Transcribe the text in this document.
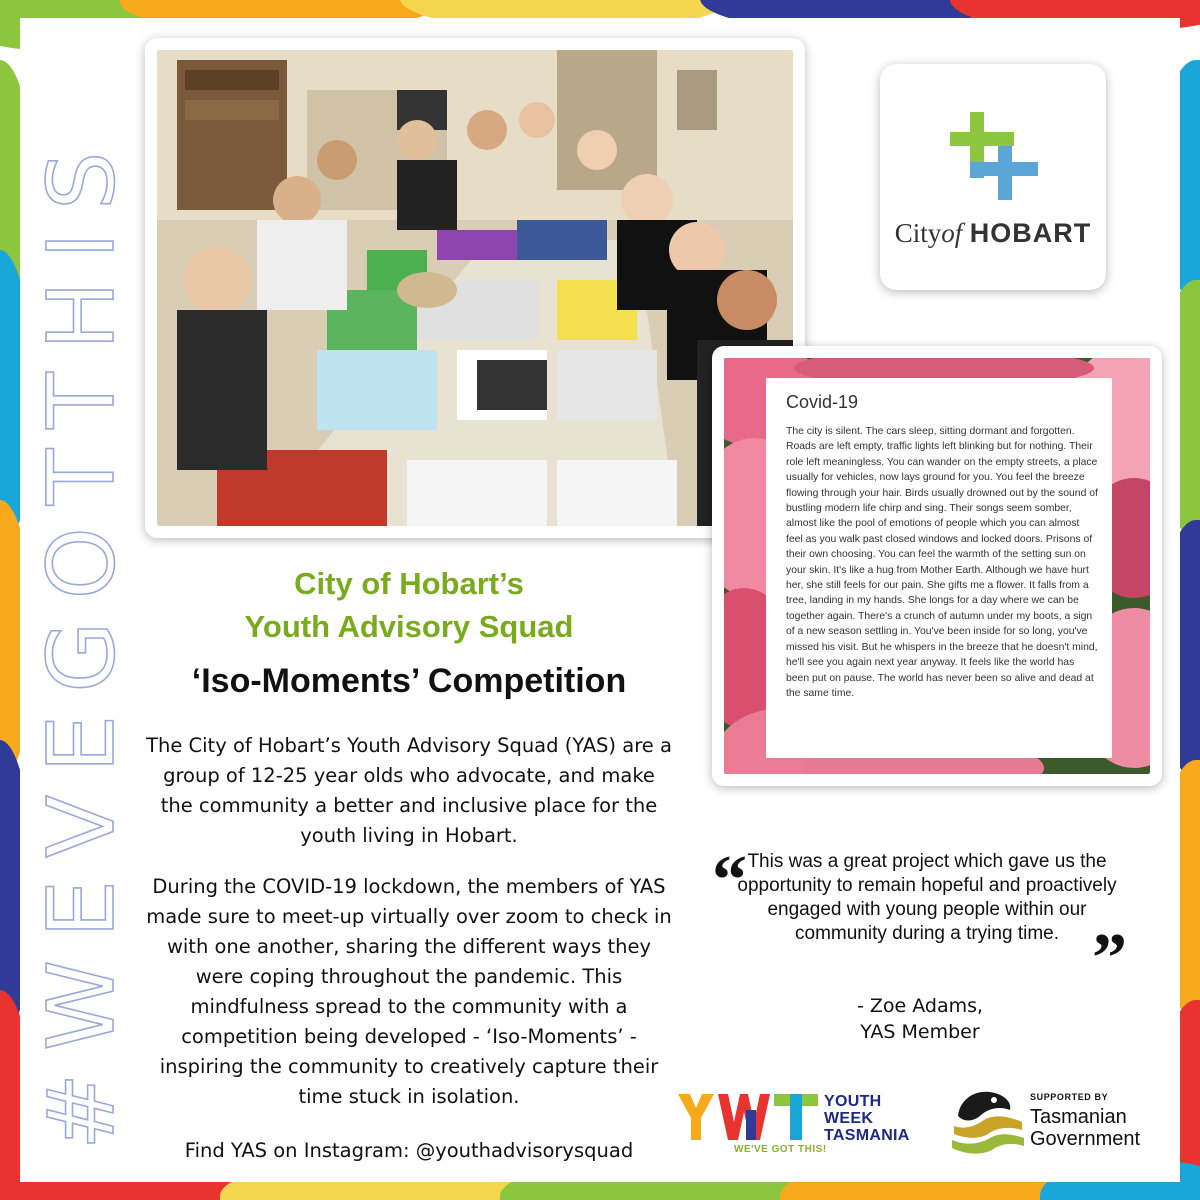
#WEVEGOTTHIS	Cityof HOBART
Covid-19
The city is silent. The cars sleep, sitting dormant and forgotten. Roads are left empty, traffic lights left blinking but for nothing. Their role left meaningless. You can wander on the empty streets, a place usually for vehicles, now lays ground for you. You feel the breeze flowing through your hair. Birds usually drowned out by the sound of bustling modern life chirp and sing. Their songs seem somber, almost like the pool of emotions of people which you can almost feel as you walk past closed windows and locked doors. Prisons of their own choosing. You can feel the warmth of the setting sun on your skin. It's like a hug from Mother Earth. Although we have hurt her, she still feels for our pain. She gifts me a flower. It falls from a tree, landing in my hands. She longs for a day where we can be together again. There's a crunch of autumn under my boots, a sign of a new season settling in. You've been inside for so long, you've missed his visit. But he whispers in the breeze that he doesn't mind, he'll see you again next year anyway. It feels like the world has been put on pause. The world has never been so alive and dead at the same time.
City of Hobart’s
Youth Advisory Squad
‘Iso-Moments’ Competition
The City of Hobart’s Youth Advisory Squad (YAS) are a group of 12-25 year olds who advocate, and make the community a better and inclusive place for the youth living in Hobart.
During the COVID-19 lockdown, the members of YAS made sure to meet-up virtually over zoom to check in with one another, sharing the different ways they were coping throughout the pandemic. This mindfulness spread to the community with a competition being developed - ‘Iso-Moments’ - inspiring the community to creatively capture their time stuck in isolation.
Find YAS on Instagram: @youthadvisorysquad
“
”
This was a great project which gave us the opportunity to remain hopeful and proactively engaged with young people within our community during a trying time.
- Zoe Adams,
YAS Member
YOUTH
WEEK
TASMANIA
WE'VE GOT THIS!
SUPPORTED BY
Tasmanian
Government
